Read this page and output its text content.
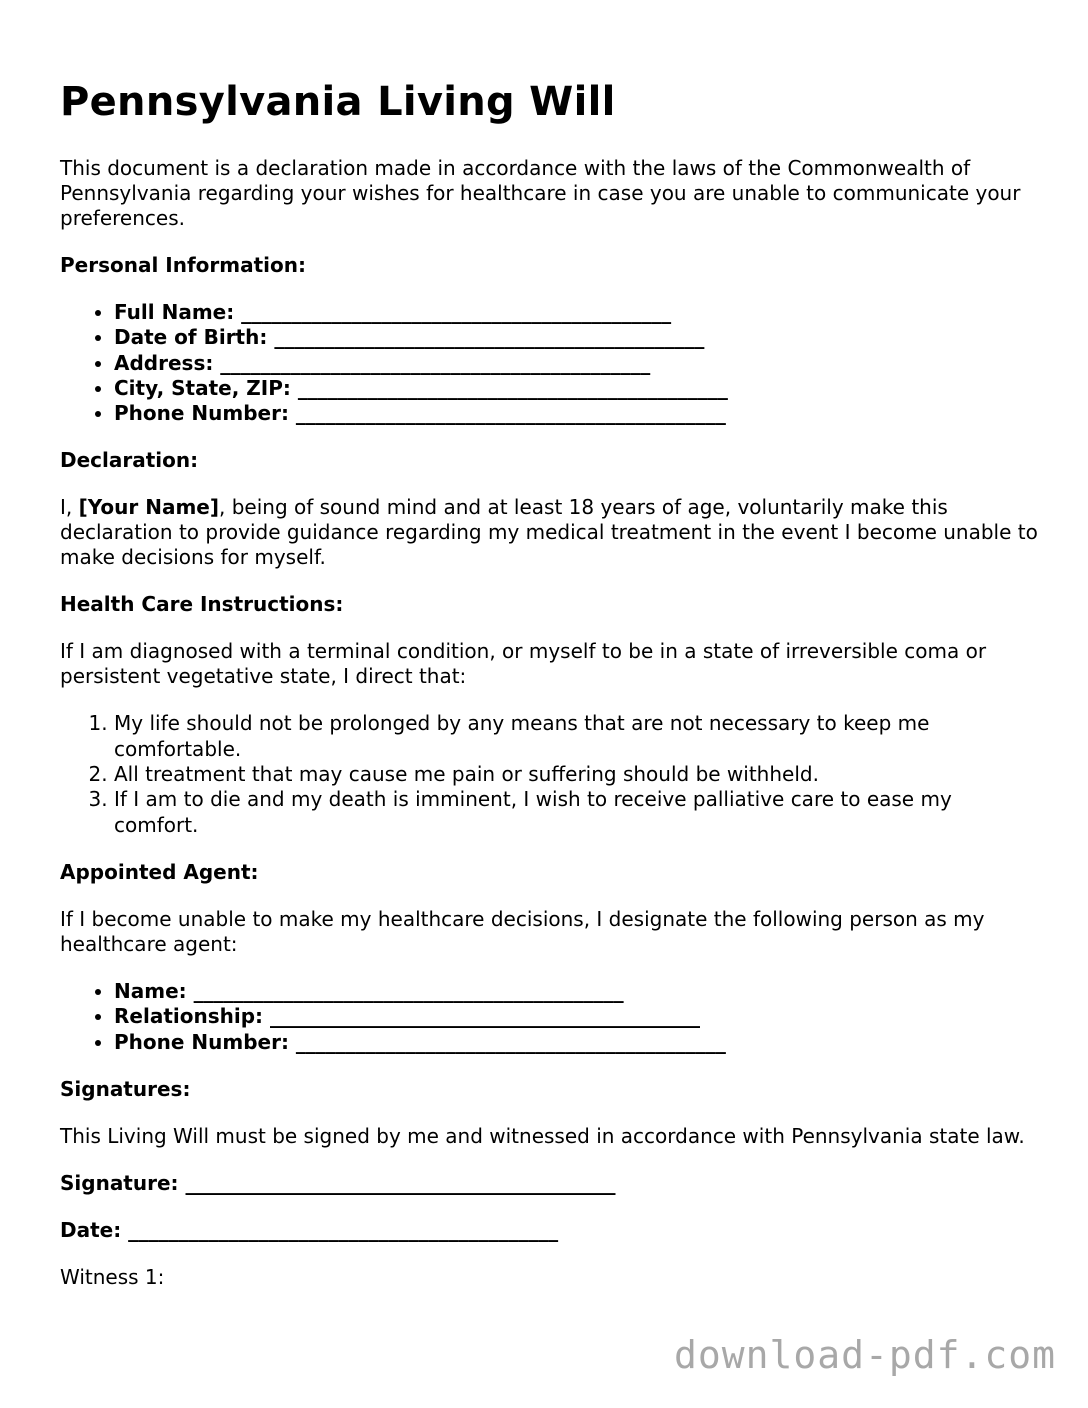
Pennsylvania Living Will

This document is a declaration made in accordance with the laws of the Commonwealth of Pennsylvania regarding your wishes for healthcare in case you are unable to communicate your preferences.

Personal Information:
• Full Name: ___________________________________________
• Date of Birth: ___________________________________________
• Address: ___________________________________________
• City, State, ZIP: ___________________________________________
• Phone Number: ___________________________________________
Declaration:

I, [Your Name], being of sound mind and at least 18 years of age, voluntarily make this declaration to provide guidance regarding my medical treatment in the event I become unable to make decisions for myself.

Health Care Instructions:

If I am diagnosed with a terminal condition, or myself to be in a state of irreversible coma or persistent vegetative state, I direct that:

1. My life should not be prolonged by any means that are not necessary to keep me comfortable.
2. All treatment that may cause me pain or suffering should be withheld.
3. If I am to die and my death is imminent, I wish to receive palliative care to ease my comfort.
Appointed Agent:

If I become unable to make my healthcare decisions, I designate the following person as my healthcare agent:

• Name: ___________________________________________
• Relationship: ___________________________________________
• Phone Number: ___________________________________________
Signatures:

This Living Will must be signed by me and witnessed in accordance with Pennsylvania state law.

Signature: ___________________________________________
Date: ___________________________________________

Witness 1:

download-pdf.com
